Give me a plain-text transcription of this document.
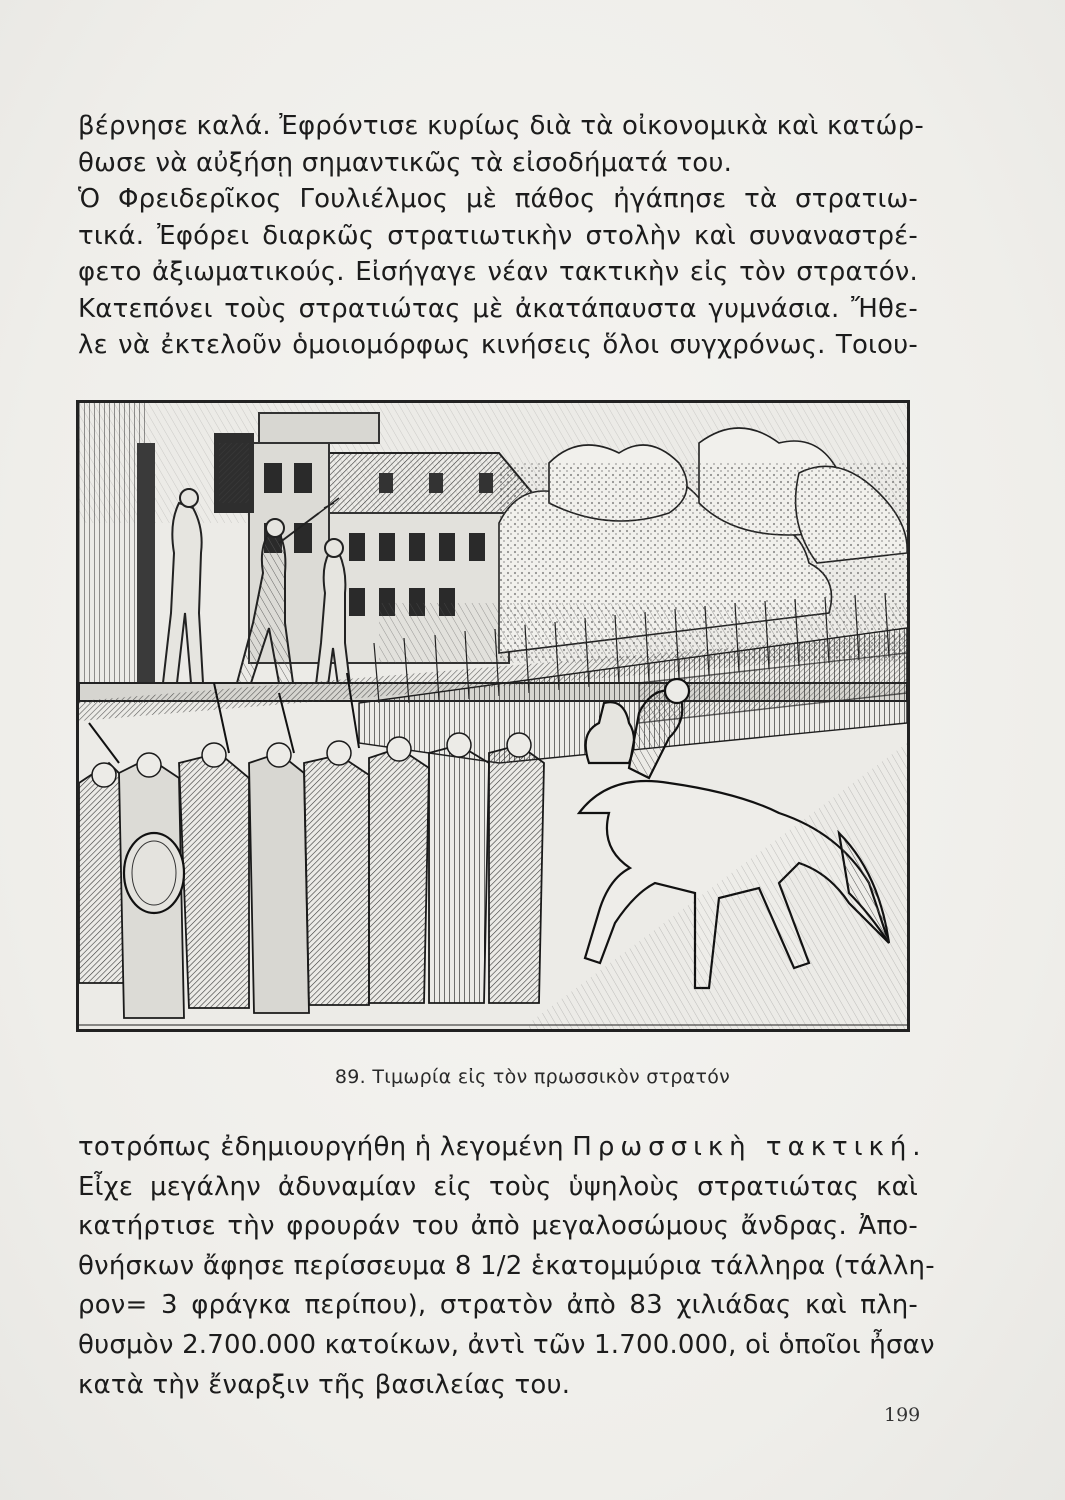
βέρνησε καλά. Ἐφρόντισε κυρίως διὰ τὰ οἰκονομικὰ καὶ κατώρ-
θωσε νὰ αὐξήσῃ σημαντικῶς τὰ εἰσοδήματά του.
Ὁ Φρειδερῖκος Γουλιέλμος μὲ πάθος ἠγάπησε τὰ στρατιω-
τικά. Ἐφόρει διαρκῶς στρατιωτικὴν στολὴν καὶ συναναστρέ-
φετο ἀξιωματικούς. Εἰσήγαγε νέαν τακτικὴν εἰς τὸν στρατόν.
Κατεπόνει τοὺς στρατιώτας μὲ ἀκατάπαυστα γυμνάσια. Ἤθε-
λε νὰ ἐκτελοῦν ὁμοιομόρφως κινήσεις ὅλοι συγχρόνως. Τοιου-

89. Τιμωρία εἰς τὸν πρωσσικὸν στρατόν

τοτρόπως ἐδημιουργήθη ἡ λεγομένη Πρωσσικὴ τακτική.
Εἶχε μεγάλην ἀδυναμίαν εἰς τοὺς ὑψηλοὺς στρατιώτας καὶ
κατήρτισε τὴν φρουράν του ἀπὸ μεγαλοσώμους ἄνδρας. Ἀπο-
θνήσκων ἄφησε περίσσευμα 8 1/2 ἑκατομμύρια τάλληρα (τάλλη-
ρον= 3 φράγκα περίπου), στρατὸν ἀπὸ 83 χιλιάδας καὶ πλη-
θυσμὸν 2.700.000 κατοίκων, ἀντὶ τῶν 1.700.000, οἱ ὁποῖοι ἦσαν
κατὰ τὴν ἔναρξιν τῆς βασιλείας του.

199
